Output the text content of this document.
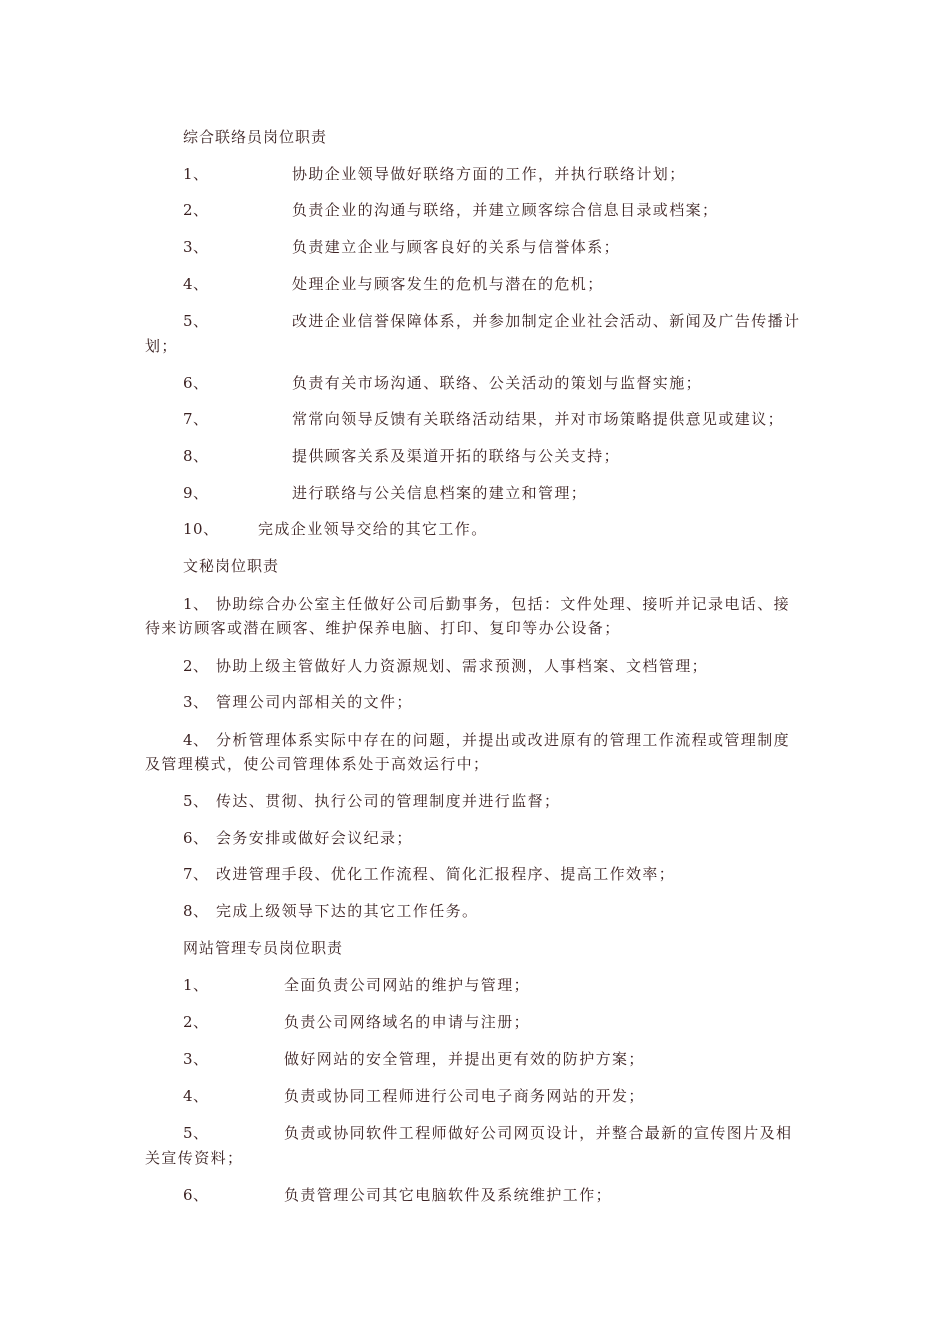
综合联络员岗位职责
1、	协助企业领导做好联络方面的工作，并执行联络计划；
2、	负责企业的沟通与联络，并建立顾客综合信息目录或档案；
3、	负责建立企业与顾客良好的关系与信誉体系；
4、	处理企业与顾客发生的危机与潜在的危机；
5、	改进企业信誉保障体系，并参加制定企业社会活动、新闻及广告传播计
划；
6、	负责有关市场沟通、联络、公关活动的策划与监督实施；
7、	常常向领导反馈有关联络活动结果，并对市场策略提供意见或建议；
8、	提供顾客关系及渠道开拓的联络与公关支持；
9、	进行联络与公关信息档案的建立和管理；
10、	完成企业领导交给的其它工作。
文秘岗位职责
1、 协助综合办公室主任做好公司后勤事务，包括：文件处理、接听并记录电话、接
待来访顾客或潜在顾客、维护保养电脑、打印、复印等办公设备；
2、 协助上级主管做好人力资源规划、需求预测，人事档案、文档管理；
3、 管理公司内部相关的文件；
4、 分析管理体系实际中存在的问题，并提出或改进原有的管理工作流程或管理制度
及管理模式，使公司管理体系处于高效运行中；
5、 传达、贯彻、执行公司的管理制度并进行监督；
6、 会务安排或做好会议纪录；
7、 改进管理手段、优化工作流程、简化汇报程序、提高工作效率；
8、 完成上级领导下达的其它工作任务。
网站管理专员岗位职责
1、	全面负责公司网站的维护与管理；
2、	负责公司网络域名的申请与注册；
3、	做好网站的安全管理，并提出更有效的防护方案；
4、	负责或协同工程师进行公司电子商务网站的开发；
5、	负责或协同软件工程师做好公司网页设计，并整合最新的宣传图片及相
关宣传资料；
6、	负责管理公司其它电脑软件及系统维护工作；
